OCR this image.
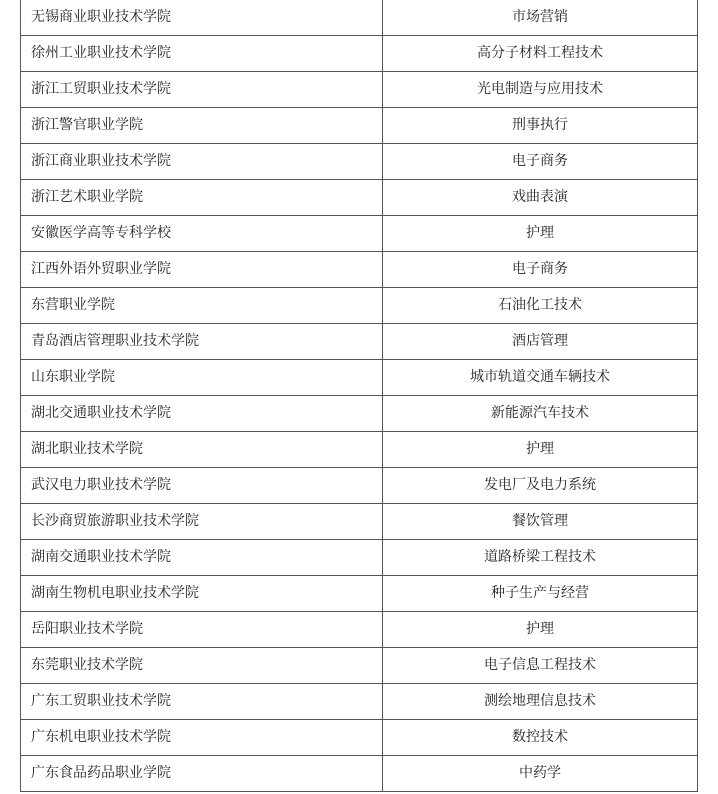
无锡商业职业技术学院	市场营销
徐州工业职业技术学院	高分子材料工程技术
浙江工贸职业技术学院	光电制造与应用技术
浙江警官职业学院	刑事执行
浙江商业职业技术学院	电子商务
浙江艺术职业学院	戏曲表演
安徽医学高等专科学校	护理
江西外语外贸职业学院	电子商务
东营职业学院	石油化工技术
青岛酒店管理职业技术学院	酒店管理
山东职业学院	城市轨道交通车辆技术
湖北交通职业技术学院	新能源汽车技术
湖北职业技术学院	护理
武汉电力职业技术学院	发电厂及电力系统
长沙商贸旅游职业技术学院	餐饮管理
湖南交通职业技术学院	道路桥梁工程技术
湖南生物机电职业技术学院	种子生产与经营
岳阳职业技术学院	护理
东莞职业技术学院	电子信息工程技术
广东工贸职业技术学院	测绘地理信息技术
广东机电职业技术学院	数控技术
广东食品药品职业学院	中药学
